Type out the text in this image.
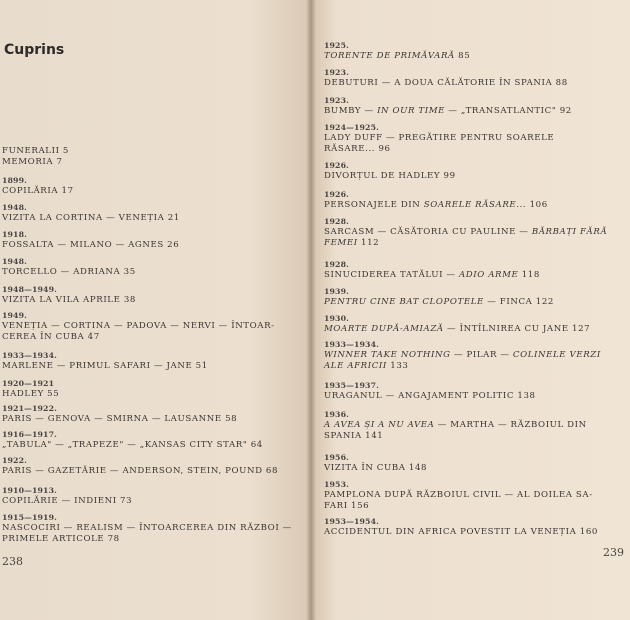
Cuprins
FUNERALII 5
MEMORIA 7
1899.
COPILĂRIA 17
1948.
VIZITA LA CORTINA — VENEȚIA 21
1918.
FOSSALTA — MILANO — AGNES 26
1948.
TORCELLO — ADRIANA 35
1948—1949.
VIZITA LA VILA APRILE 38
1949.
VENEȚIA — CORTINA — PADOVA — NERVI — ÎNTOAR-
CEREA ÎN CUBA 47
1933—1934.
MARLENE — PRIMUL SAFARI — JANE 51
1920—1921
HADLEY 55
1921—1922.
PARIS — GENOVA — SMIRNA — LAUSANNE 58
1916—1917.
„TABULA" — „TRAPEZE" — „KANSAS CITY STAR" 64
1922.
PARIS — GAZETĂRIE — ANDERSON, STEIN, POUND 68
1910—1913.
COPILĂRIE — INDIENI 73
1915—1919.
NASCOCIRI — REALISM — ÎNTOARCEREA DIN RĂZBOI —
PRIMELE ARTICOLE 78
238
1925.
TORENTE DE PRIMĂVARĂ 85
1923.
DEBUTURI — A DOUA CĂLĂTORIE ÎN SPANIA 88
1923.
BUMBY — IN OUR TIME — „TRANSATLANTIC" 92
1924—1925.
LADY DUFF — PREGĂTIRE PENTRU SOARELE
RĂSARE... 96
1926.
DIVORȚUL DE HADLEY 99
1926.
PERSONAJELE DIN SOARELE RĂSARE... 106
1928.
SARCASM — CĂSĂTORIA CU PAULINE — BĂRBAȚI FĂRĂ
FEMEI 112
1928.
SINUCIDEREA TATĂLUI — ADIO ARME 118
1939.
PENTRU CINE BAT CLOPOTELE — FINCA 122
1930.
MOARTE DUPĂ-AMIAZĂ — ÎNTÎLNIREA CU JANE 127
1933—1934.
WINNER TAKE NOTHING — PILAR — COLINELE VERZI
ALE AFRICII 133
1935—1937.
URAGANUL — ANGAJAMENT POLITIC 138
1936.
A AVEA ȘI A NU AVEA — MARTHA — RĂZBOIUL DIN
SPANIA 141
1956.
VIZITA ÎN CUBA 148
1953.
PAMPLONA DUPĂ RĂZBOIUL CIVIL — AL DOILEA SA-
FARI 156
1953—1954.
ACCIDENTUL DIN AFRICA POVESTIT LA VENEȚIA 160
239
